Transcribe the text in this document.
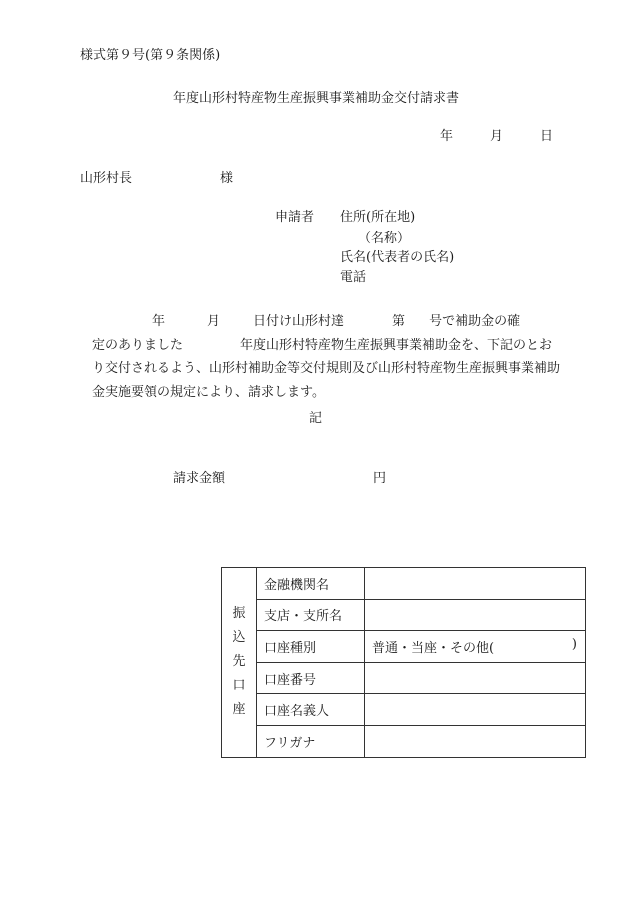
様式第９号(第９条関係)
年度山形村特産物生産振興事業補助金交付請求書
年	月	日
山形村長	様
申請者 住所(所在地)
（名称）
氏名(代表者の氏名)
電話
年	月	日付け山形村達	第 号で補助金の確
定のありました	年度山形村特産物生産振興事業補助金を、下記のとお
り交付されるよう、山形村補助金等交付規則及び山形村特産物生産振興事業補助
金実施要領の規定により、請求します。
記
請求金額	円
振
込
先
口
座	金融機関名	
	支店・支所名	
	口座種別	普通・当座・その他( )

	口座番号	
	口座名義人	
	フリガナ	
